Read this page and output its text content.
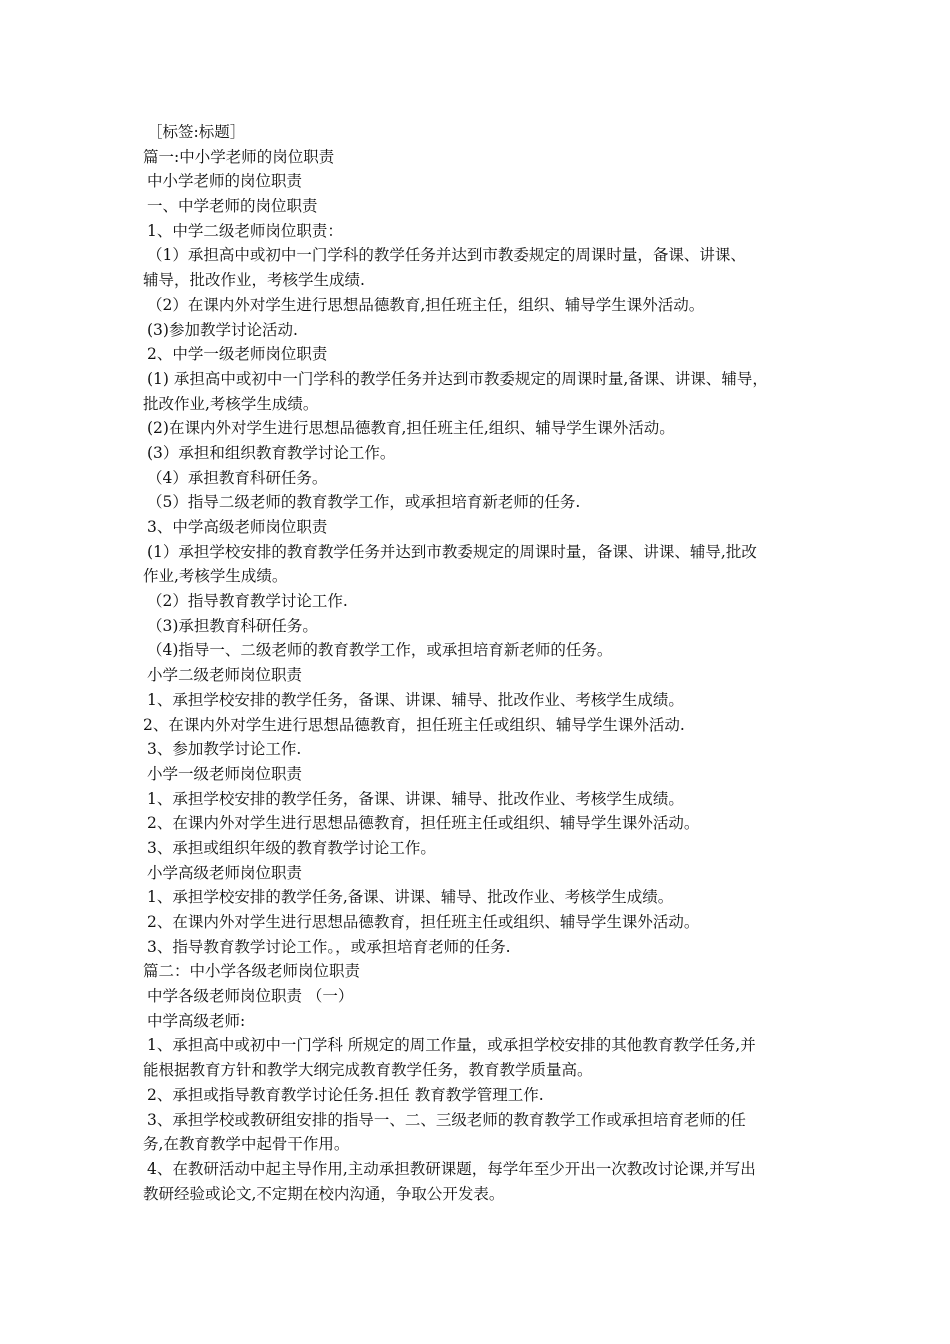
［标签:标题］
篇一:中小学老师的岗位职责
中小学老师的岗位职责
一、中学老师的岗位职责
1、中学二级老师岗位职责：
（1）承担高中或初中一门学科的教学任务并达到市教委规定的周课时量，备课、讲课、
辅导，批改作业，考核学生成绩.
（2）在课内外对学生进行思想品德教育,担任班主任，组织、辅导学生课外活动。
(3)参加教学讨论活动.
2、中学一级老师岗位职责
(1) 承担高中或初中一门学科的教学任务并达到市教委规定的周课时量,备课、讲课、辅导，
批改作业,考核学生成绩。
(2)在课内外对学生进行思想品德教育,担任班主任,组织、辅导学生课外活动。
(3）承担和组织教育教学讨论工作。
（4）承担教育科研任务。
（5）指导二级老师的教育教学工作，或承担培育新老师的任务.
3、中学高级老师岗位职责
(1）承担学校安排的教育教学任务并达到市教委规定的周课时量，备课、讲课、辅导,批改
作业,考核学生成绩。
（2）指导教育教学讨论工作.
（3)承担教育科研任务。
（4)指导一、二级老师的教育教学工作，或承担培育新老师的任务。
小学二级老师岗位职责
1、承担学校安排的教学任务，备课、讲课、辅导、批改作业、考核学生成绩。
2、在课内外对学生进行思想品德教育，担任班主任或组织、辅导学生课外活动.
3、参加教学讨论工作.
小学一级老师岗位职责
1、承担学校安排的教学任务，备课、讲课、辅导、批改作业、考核学生成绩。
2、在课内外对学生进行思想品德教育，担任班主任或组织、辅导学生课外活动。
3、承担或组织年级的教育教学讨论工作。
小学高级老师岗位职责
1、承担学校安排的教学任务,备课、讲课、辅导、批改作业、考核学生成绩。
2、在课内外对学生进行思想品德教育，担任班主任或组织、辅导学生课外活动。
3、指导教育教学讨论工作。，或承担培育老师的任务.
篇二：中小学各级老师岗位职责
中学各级老师岗位职责 （一）
中学高级老师:
1、承担高中或初中一门学科 所规定的周工作量，或承担学校安排的其他教育教学任务,并
能根据教育方针和教学大纲完成教育教学任务，教育教学质量高。
2、承担或指导教育教学讨论任务.担任 教育教学管理工作.
3、承担学校或教研组安排的指导一、二、三级老师的教育教学工作或承担培育老师的任
务,在教育教学中起骨干作用。
4、在教研活动中起主导作用,主动承担教研课题，每学年至少开出一次教改讨论课,并写出
教研经验或论文,不定期在校内沟通，争取公开发表。
